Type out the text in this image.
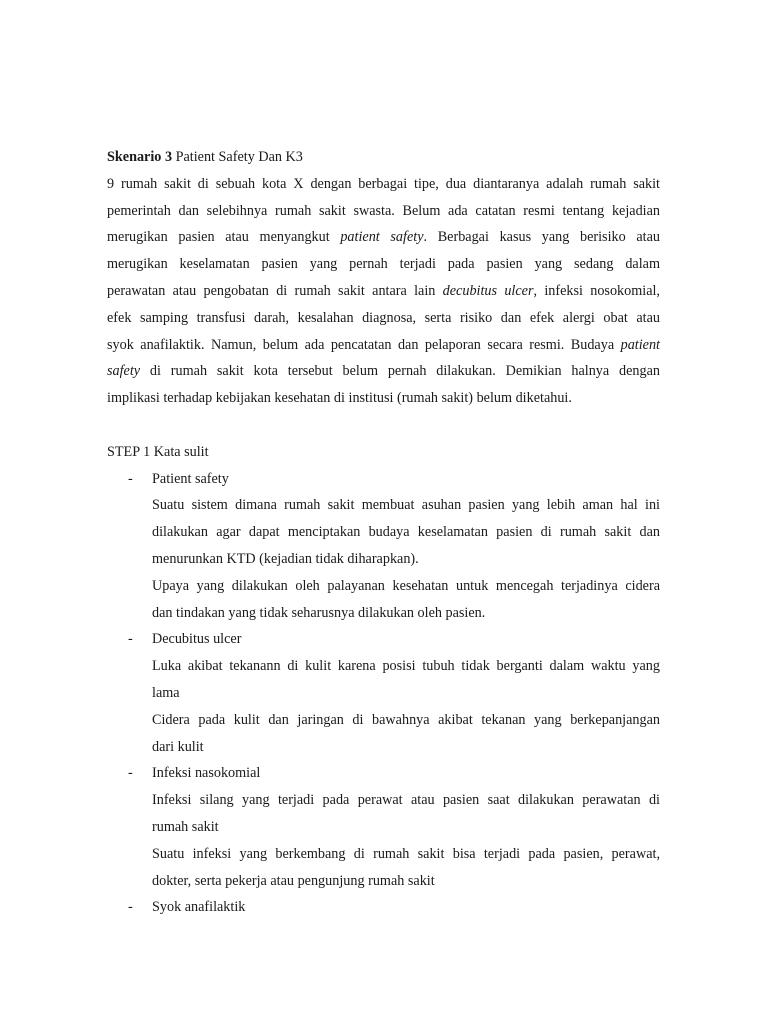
Skenario 3 Patient Safety Dan K3
9 rumah sakit di sebuah kota X dengan berbagai tipe, dua diantaranya adalah rumah sakit
pemerintah dan selebihnya rumah sakit swasta. Belum ada catatan resmi tentang kejadian
merugikan pasien atau menyangkut patient safety. Berbagai kasus yang berisiko atau
merugikan keselamatan pasien yang pernah terjadi pada pasien yang sedang dalam
perawatan atau pengobatan di rumah sakit antara lain decubitus ulcer, infeksi nosokomial,
efek samping transfusi darah, kesalahan diagnosa, serta risiko dan efek alergi obat atau
syok anafilaktik. Namun, belum ada pencatatan dan pelaporan secara resmi. Budaya patient
safety di rumah sakit kota tersebut belum pernah dilakukan. Demikian halnya dengan
implikasi terhadap kebijakan kesehatan di institusi (rumah sakit) belum diketahui.
STEP 1 Kata sulit
- Patient safety
Suatu sistem dimana rumah sakit membuat asuhan pasien yang lebih aman hal ini
dilakukan agar dapat menciptakan budaya keselamatan pasien di rumah sakit dan
menurunkan KTD (kejadian tidak diharapkan).
Upaya yang dilakukan oleh palayanan kesehatan untuk mencegah terjadinya cidera
dan tindakan yang tidak seharusnya dilakukan oleh pasien.
- Decubitus ulcer
Luka akibat tekanann di kulit karena posisi tubuh tidak berganti dalam waktu yang
lama
Cidera pada kulit dan jaringan di bawahnya akibat tekanan yang berkepanjangan
dari kulit
- Infeksi nasokomial
Infeksi silang yang terjadi pada perawat atau pasien saat dilakukan perawatan di
rumah sakit
Suatu infeksi yang berkembang di rumah sakit bisa terjadi pada pasien, perawat,
dokter, serta pekerja atau pengunjung rumah sakit
- Syok anafilaktik
